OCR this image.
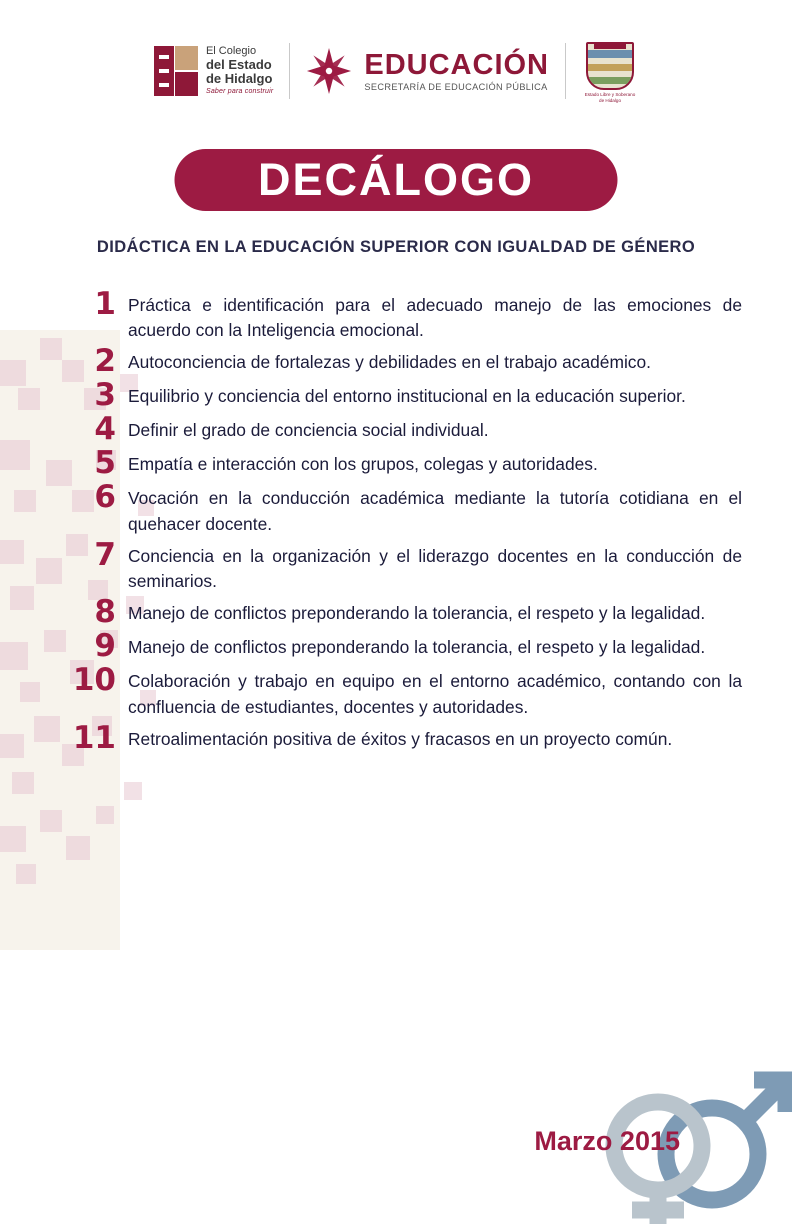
El Colegio
del Estado
de Hidalgo
Saber para construir
EDUCACIÓN
SECRETARÍA DE EDUCACIÓN PÚBLICA
Estado Libre y Soberano de Hidalgo
DECÁLOGO
DIDÁCTICA EN LA EDUCACIÓN SUPERIOR CON IGUALDAD DE GÉNERO
1 Práctica e identificación para el adecuado manejo de las emociones de acuerdo con la Inteligencia emocional.
2 Autoconciencia de fortalezas y debilidades en el trabajo académico.
3 Equilibrio y conciencia del entorno institucional en la educación superior.
4 Definir el grado de conciencia social individual.
5 Empatía e interacción con los grupos, colegas y autoridades.
6 Vocación en la conducción académica mediante la tutoría cotidiana en el quehacer docente.
7 Conciencia en la organización y el liderazgo docentes en la conducción de seminarios.
8 Manejo de conflictos preponderando la tolerancia, el respeto y la legalidad.
9 Manejo de conflictos preponderando la tolerancia, el respeto y la legalidad.
10 Colaboración y trabajo en equipo en el entorno académico, contando con la confluencia de estudiantes, docentes y autoridades.
11 Retroalimentación positiva de éxitos y fracasos en un proyecto común.
Marzo 2015
